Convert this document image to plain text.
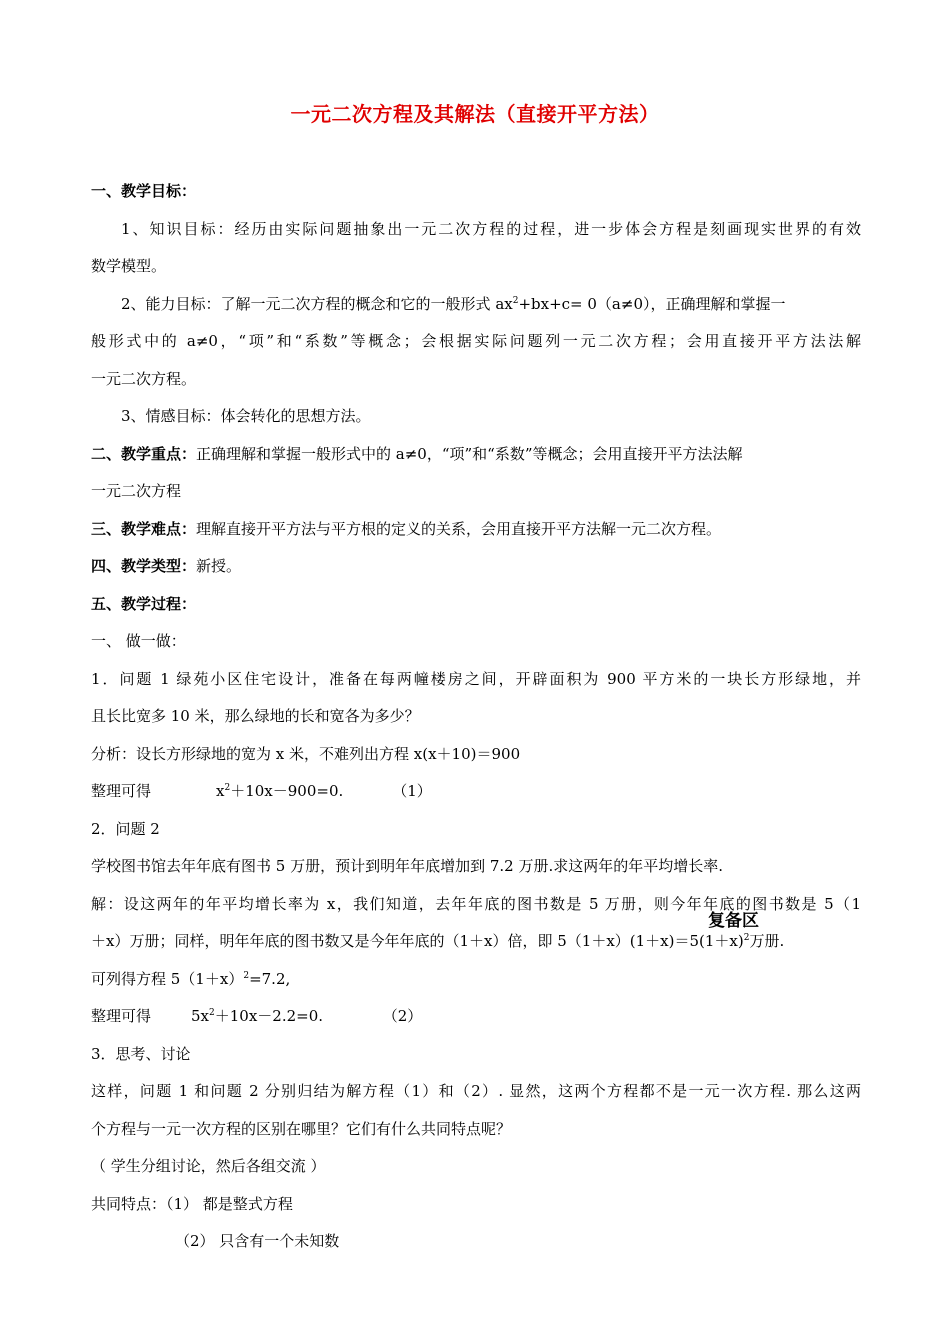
一元二次方程及其解法（直接开平方法）
一、教学目标：
1、知识目标：经历由实际问题抽象出一元二次方程的过程，进一步体会方程是刻画现实世界的有效
数学模型。
2、能力目标：了解一元二次方程的概念和它的一般形式 $ax^2+bx+c= 0(a\ne 0)$，正确理解和掌握一
般形式中的 a≠0，“项”和“系数”等概念；会根据实际问题列一元二次方程；会用直接开平方法法解
一元二次方程。
3、情感目标：体会转化的思想方法。
二、教学重点：正确理解和掌握一般形式中的 a≠0，“项”和“系数”等概念；会用直接开平方法法解
一元二次方程
三、教学难点：理解直接开平方法与平方根的定义的关系，会用直接开平方法解一元二次方程。
四、教学类型：新授。
五、教学过程：
一、 做一做：
1．问题 1 绿苑小区住宅设计，准备在每两幢楼房之间，开辟面积为 900 平方米的一块长方形绿地，并
且长比宽多 10 米，那么绿地的长和宽各为多少？
分析：设长方形绿地的宽为 x 米，不难列出方程 x(x＋10)＝900
整理可得	$x^2+10x-900=0$.	（1）
2．问题 2
学校图书馆去年年底有图书 5 万册，预计到明年年底增加到 7.2 万册.求这两年的年平均增长率.
解：设这两年的年平均增长率为 x，我们知道，去年年底的图书数是 5 万册，则今年年底的图书数是 5（1
＋x）万册；同样，明年年底的图书数又是今年年底的（1＋x）倍，即 $5(1+x)(1+x)=5(1+x)^2$万册.
可列得方程 $5(1+x)^2=7.2$,
整理可得	$5x^2+10x-2.2=0$.	（2）
3．思考、讨论
这样，问题 1 和问题 2 分别归结为解方程（1）和（2）. 显然，这两个方程都不是一元一次方程. 那么这两
个方程与一元一次方程的区别在哪里？它们有什么共同特点呢？
（ 学生分组讨论，然后各组交流 ）
共同特点：（1） 都是整式方程
（2） 只含有一个未知数
复备区
